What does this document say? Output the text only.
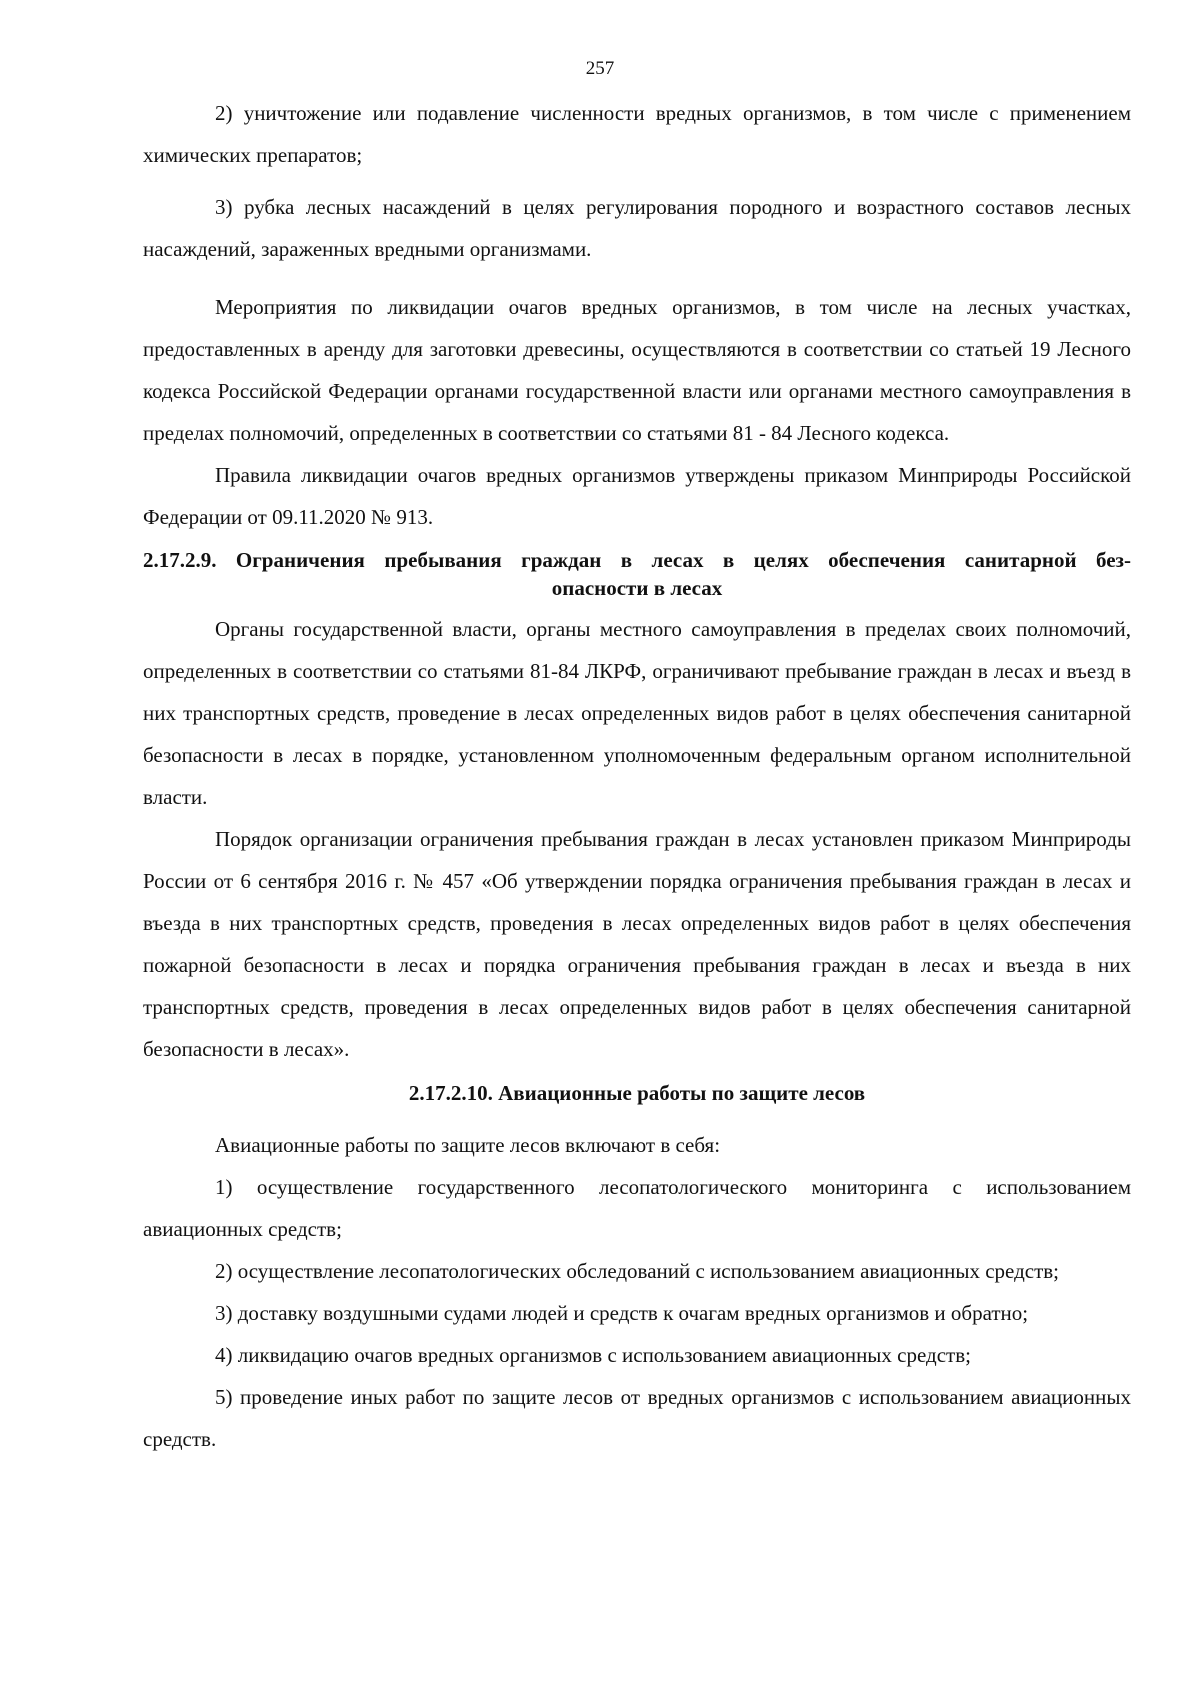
257

2) уничтожение или подавление численности вредных организмов, в том числе с применением химических препаратов;

3) рубка лесных насаждений в целях регулирования породного и возрастного составов лесных насаждений, зараженных вредными организмами.

Мероприятия по ликвидации очагов вредных организмов, в том числе на лесных участках, предоставленных в аренду для заготовки древесины, осуществляются в соответствии со статьей 19 Лесного кодекса Российской Федерации органами государственной власти или органами местного самоуправления в пределах полномочий, определенных в соответствии со статьями 81 - 84 Лесного кодекса.

Правила ликвидации очагов вредных организмов утверждены приказом Минприроды Российской Федерации от 09.11.2020 № 913.

2.17.2.9. Ограничения пребывания граждан в лесах в целях обеспечения санитарной без-
опасности в лесах

Органы государственной власти, органы местного самоуправления в пределах своих полномочий, определенных в соответствии со статьями 81-84 ЛКРФ, ограничивают пребывание граждан в лесах и въезд в них транспортных средств, проведение в лесах определенных видов работ в целях обеспечения санитарной безопасности в лесах в порядке, установленном уполномоченным федеральным органом исполнительной власти.

Порядок организации ограничения пребывания граждан в лесах установлен приказом Минприроды России от 6 сентября 2016 г. № 457 «Об утверждении порядка ограничения пребывания граждан в лесах и въезда в них транспортных средств, проведения в лесах определенных видов работ в целях обеспечения пожарной безопасности в лесах и порядка ограничения пребывания граждан в лесах и въезда в них транспортных средств, проведения в лесах определенных видов работ в целях обеспечения санитарной безопасности в лесах».

2.17.2.10. Авиационные работы по защите лесов

Авиационные работы по защите лесов включают в себя:

1) осуществление государственного лесопатологического мониторинга с использованием авиационных средств;

2) осуществление лесопатологических обследований с использованием авиационных средств;

3) доставку воздушными судами людей и средств к очагам вредных организмов и обратно;

4) ликвидацию очагов вредных организмов с использованием авиационных средств;

5) проведение иных работ по защите лесов от вредных организмов с использованием авиационных средств.
